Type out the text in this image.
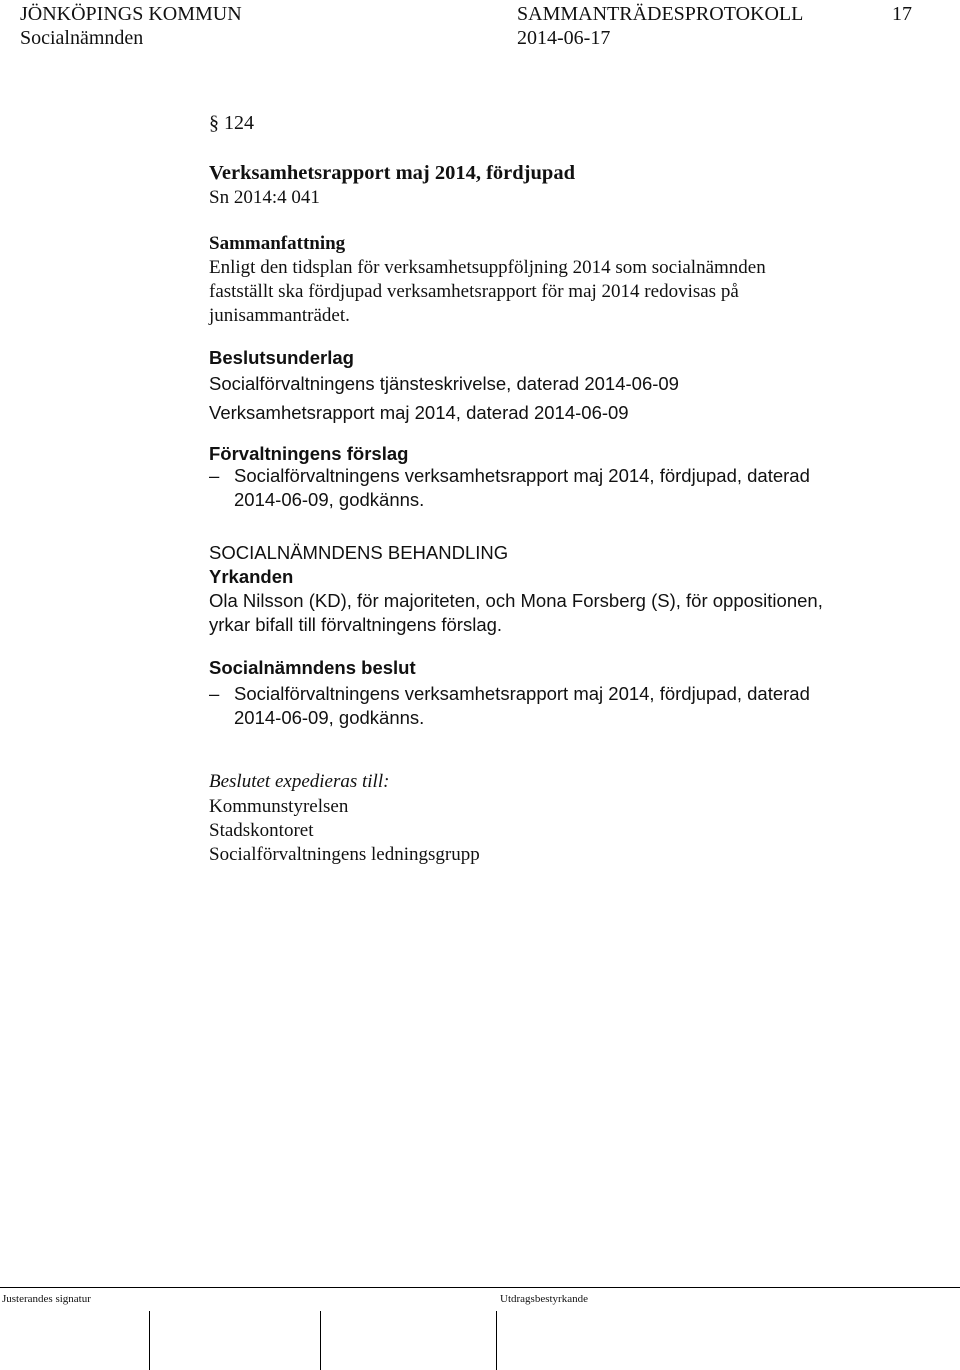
JÖNKÖPINGS KOMMUN	SAMMANTRÄDESPROTOKOLL	17
Socialnämnden	2014-06-17
§ 124
Verksamhetsrapport maj 2014, fördjupad
Sn 2014:4 041
Sammanfattning
Enligt den tidsplan för verksamhetsuppföljning 2014 som socialnämnden
fastställt ska fördjupad verksamhetsrapport för maj 2014 redovisas på
junisammanträdet.
Beslutsunderlag
Socialförvaltningens tjänsteskrivelse, daterad 2014-06-09
Verksamhetsrapport maj 2014, daterad 2014-06-09
Förvaltningens förslag
– Socialförvaltningens verksamhetsrapport maj 2014, fördjupad, daterad
2014-06-09, godkänns.
SOCIALNÄMNDENS BEHANDLING
Yrkanden
Ola Nilsson (KD), för majoriteten, och Mona Forsberg (S), för oppositionen,
yrkar bifall till förvaltningens förslag.
Socialnämndens beslut
– Socialförvaltningens verksamhetsrapport maj 2014, fördjupad, daterad
2014-06-09, godkänns.
Beslutet expedieras till:
Kommunstyrelsen
Stadskontoret
Socialförvaltningens ledningsgrupp
Justerandes signatur	Utdragsbestyrkande
